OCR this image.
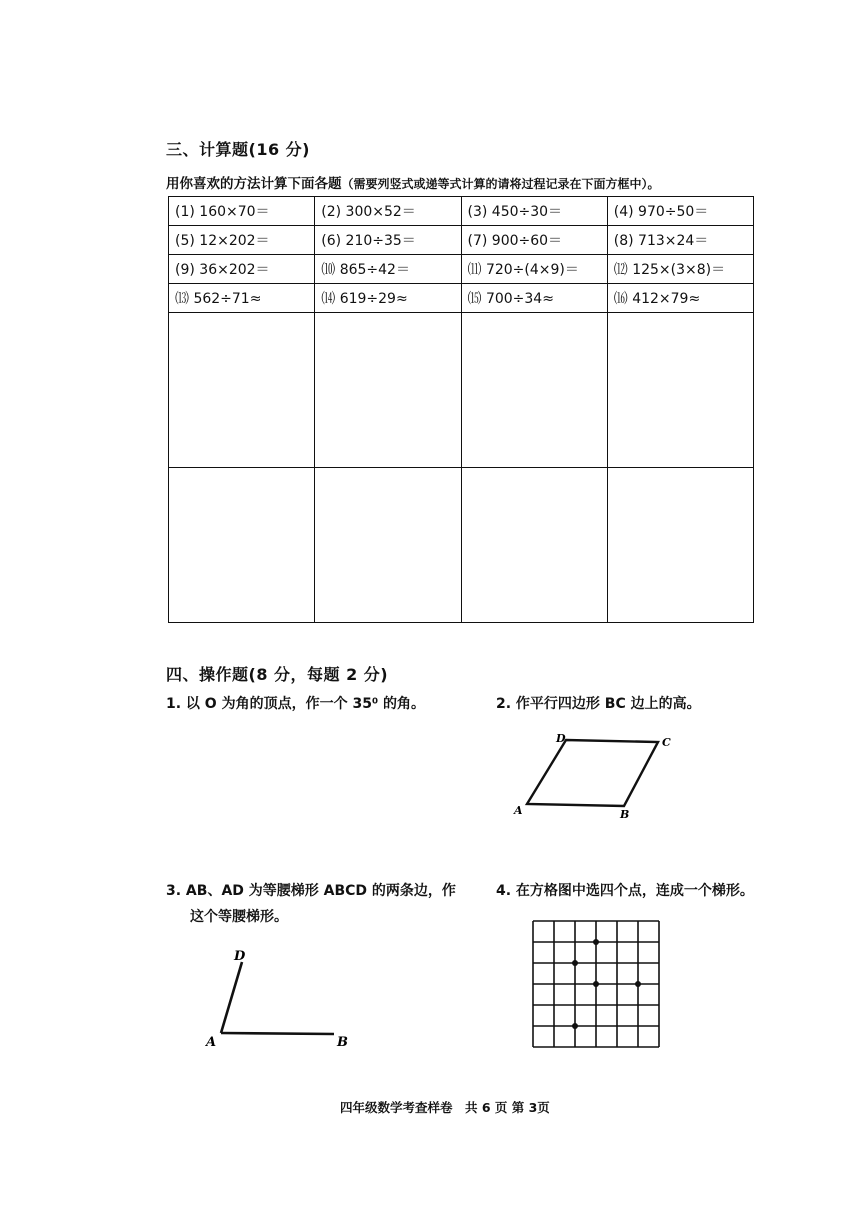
三、计算题(16 分)
用你喜欢的方法计算下面各题（需要列竖式或递等式计算的请将过程记录在下面方框中）。
(1) 160×70＝	(2) 300×52＝	(3) 450÷30＝	(4) 970÷50＝
(5) 12×202＝	(6) 210÷35＝	(7) 900÷60＝	(8) 713×24＝
(9) 36×202＝	⑽ 865÷42＝	⑾ 720÷(4×9)＝	⑿ 125×(3×8)＝
⒀ 562÷71≈	⒁ 619÷29≈	⒂ 700÷34≈	⒃ 412×79≈

四、操作题(8 分，每题 2 分)
1. 以 O 为角的顶点，作一个 35⁰ 的角。	2. 作平行四边形 BC 边上的高。
D	C
A	B
3. AB、AD 为等腰梯形 ABCD 的两条边，作
这个等腰梯形。
4. 在方格图中选四个点，连成一个梯形。
D
A	B
四年级数学考查样卷　共 6 页 第 3页
